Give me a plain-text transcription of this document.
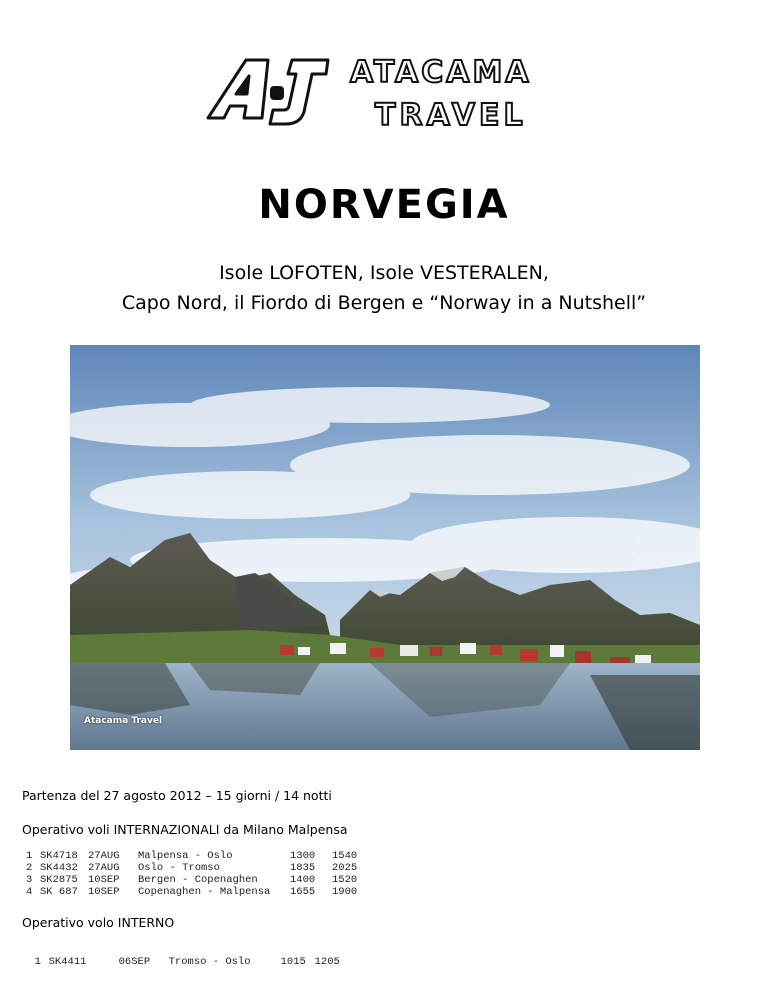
ATACAMA
TRAVEL
NORVEGIA
Isole LOFOTEN, Isole VESTERALEN,
Capo Nord, il Fiordo di Bergen e “Norway in a Nutshell”
Atacama Travel
Partenza del 27 agosto 2012 – 15 giorni / 14 notti
Operativo voli INTERNAZIONALI da Milano Malpensa
1	SK4718	27AUG	Malpensa - Oslo	1300	1540
2	SK4432	27AUG	Oslo - Tromso	1835	2025
3	SK2875	10SEP	Bergen - Copenaghen	1400	1520
4	SK 687	10SEP	Copenaghen - Malpensa	1655	1900
Operativo volo INTERNO

1 SK4411	06SEP Tromso - Oslo	1015 1205
